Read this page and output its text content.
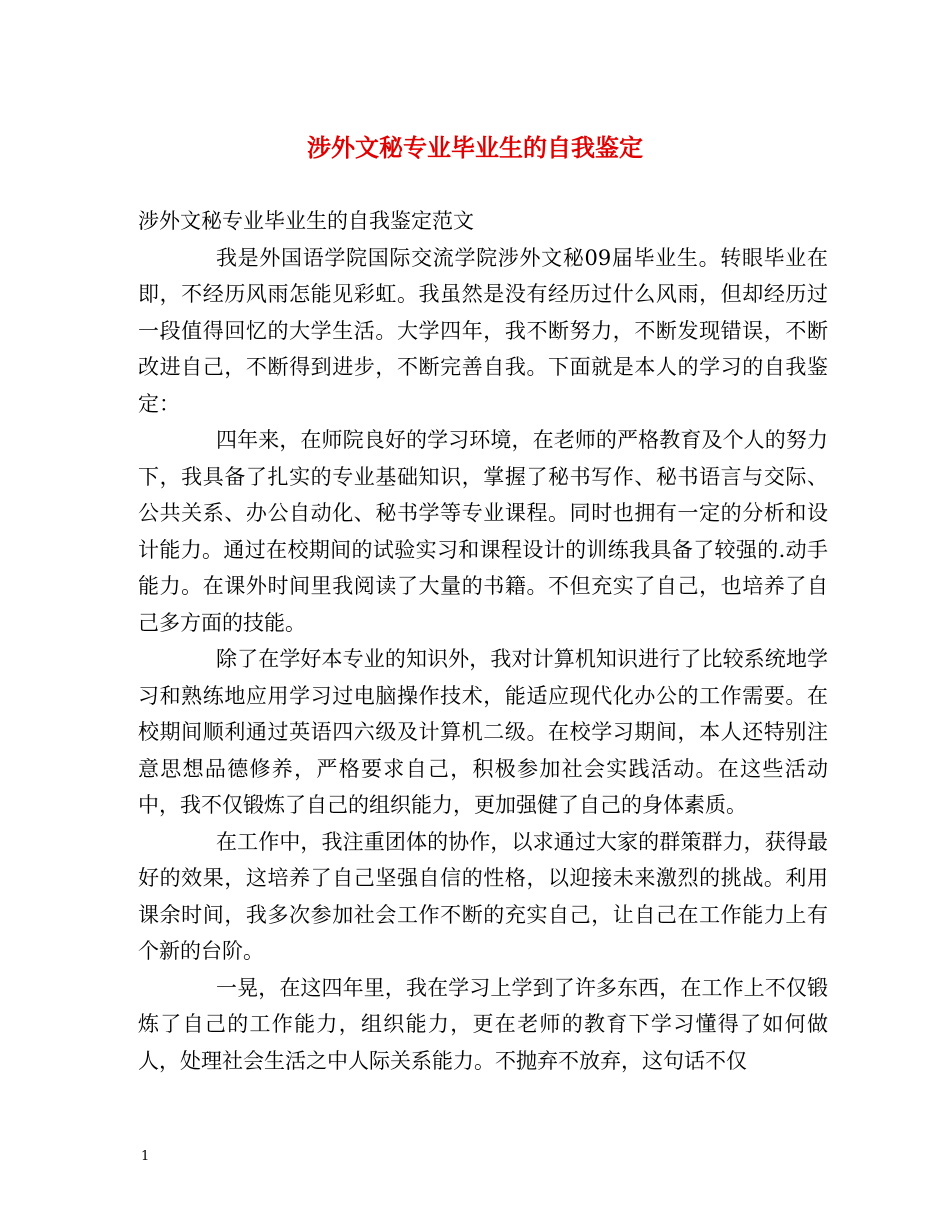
涉外文秘专业毕业生的自我鉴定

涉外文秘专业毕业生的自我鉴定范文

我是外国语学院国际交流学院涉外文秘09届毕业生。转眼毕业在即，不经历风雨怎能见彩虹。我虽然是没有经历过什么风雨，但却经历过一段值得回忆的大学生活。大学四年，我不断努力，不断发现错误，不断改进自己，不断得到进步，不断完善自我。下面就是本人的学习的自我鉴定：

四年来，在师院良好的学习环境，在老师的严格教育及个人的努力下，我具备了扎实的专业基础知识，掌握了秘书写作、秘书语言与交际、公共关系、办公自动化、秘书学等专业课程。同时也拥有一定的分析和设计能力。通过在校期间的试验实习和课程设计的训练我具备了较强的.动手能力。在课外时间里我阅读了大量的书籍。不但充实了自己，也培养了自己多方面的技能。

除了在学好本专业的知识外，我对计算机知识进行了比较系统地学习和熟练地应用学习过电脑操作技术，能适应现代化办公的工作需要。在校期间顺利通过英语四六级及计算机二级。在校学习期间，本人还特别注意思想品德修养，严格要求自己，积极参加社会实践活动。在这些活动中，我不仅锻炼了自己的组织能力，更加强健了自己的身体素质。

在工作中，我注重团体的协作，以求通过大家的群策群力，获得最好的效果，这培养了自己坚强自信的性格，以迎接未来激烈的挑战。利用课余时间，我多次参加社会工作不断的充实自己，让自己在工作能力上有个新的台阶。

一晃，在这四年里，我在学习上学到了许多东西，在工作上不仅锻炼了自己的工作能力，组织能力，更在老师的教育下学习懂得了如何做人，处理社会生活之中人际关系能力。不抛弃不放弃，这句话不仅

1
